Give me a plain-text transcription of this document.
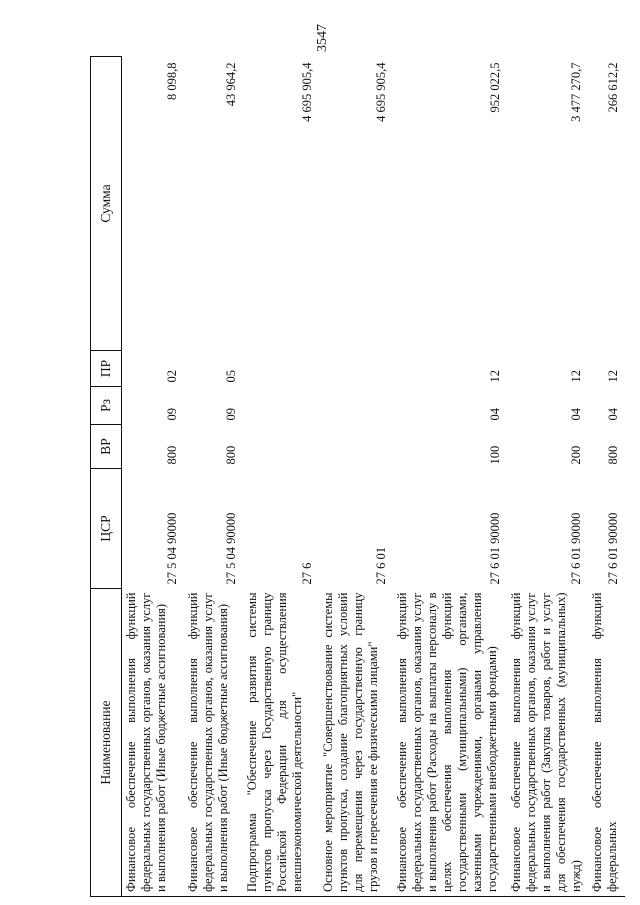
3547
Наименование	ЦСР	ВР	Рз	ПР	Сумма
Финансовое обеспечение выполнения функций федеральных государственных органов, оказания услуг и выполнения работ (Иные бюджетные ассигнования)	27 5 04 90000	800	09	02	8 098,8
Финансовое обеспечение выполнения функций федеральных государственных органов, оказания услуг и выполнения работ (Иные бюджетные ассигнования)	27 5 04 90000	800	09	05	43 964,2
Подпрограмма "Обеспечение развития системы пунктов пропуска через Государственную границу Российской Федерации для осуществления внешнеэкономической деятельности"	27 6				4 695 905,4
Основное мероприятие "Совершенствование системы пунктов пропуска, создание благоприятных условий для перемещения через государственную границу грузов и пересечения ее физическими лицами"	27 6 01				4 695 905,4
Финансовое обеспечение выполнения функций федеральных государственных органов, оказания услуг и выполнения работ (Расходы на выплаты персоналу в целях обеспечения выполнения функций государственными (муниципальными) органами, казенными учреждениями, органами управления государственными внебюджетными фондами)	27 6 01 90000	100	04	12	952 022,5
Финансовое обеспечение выполнения функций федеральных государственных органов, оказания услуг и выполнения работ (Закупка товаров, работ и услуг для обеспечения государственных (муниципальных) нужд)	27 6 01 90000	200	04	12	3 477 270,7
Финансовое обеспечение выполнения функций федеральных	27 6 01 90000	800	04	12	266 612,2
